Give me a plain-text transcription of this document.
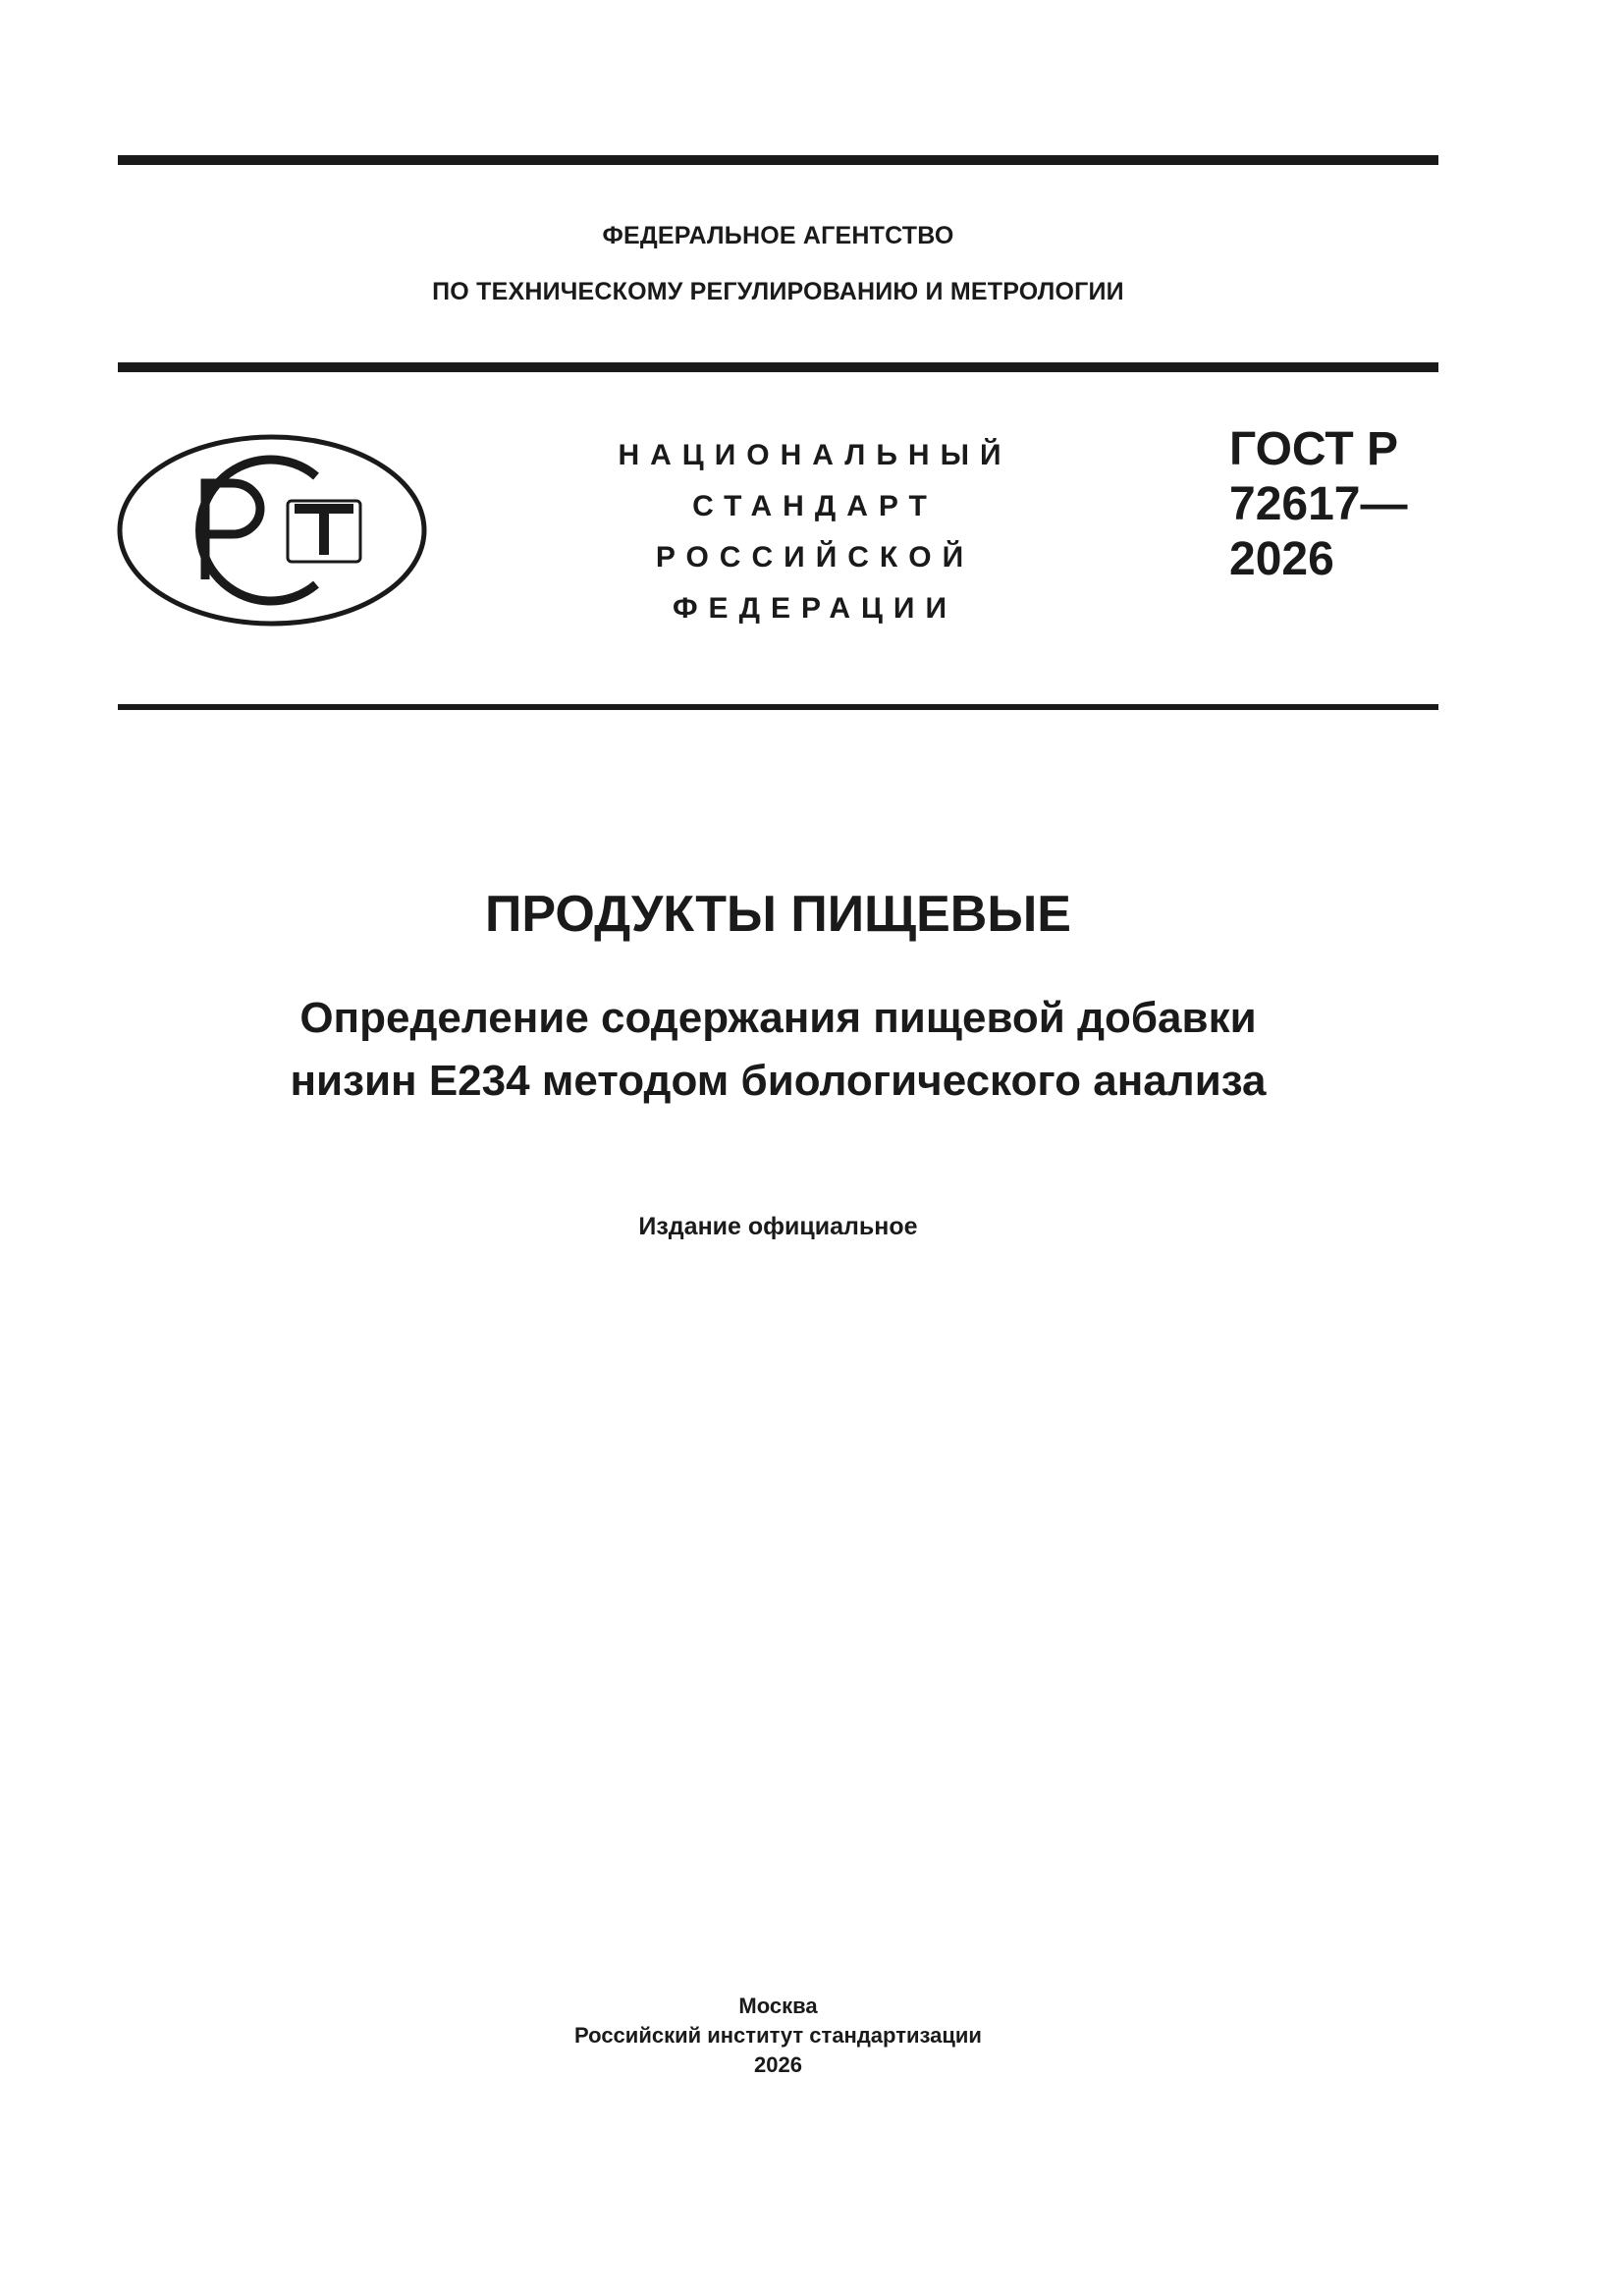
ФЕДЕРАЛЬНОЕ АГЕНТСТВО
ПО ТЕХНИЧЕСКОМУ РЕГУЛИРОВАНИЮ И МЕТРОЛОГИИ
НАЦИОНАЛЬНЫЙ
СТАНДАРТ
РОССИЙСКОЙ
ФЕДЕРАЦИИ
ГОСТ Р
72617—
2026
ПРОДУКТЫ ПИЩЕВЫЕ
Определение содержания пищевой добавки
низин Е234 методом биологического анализа
Издание официальное
Москва
Российский институт стандартизации
2026
